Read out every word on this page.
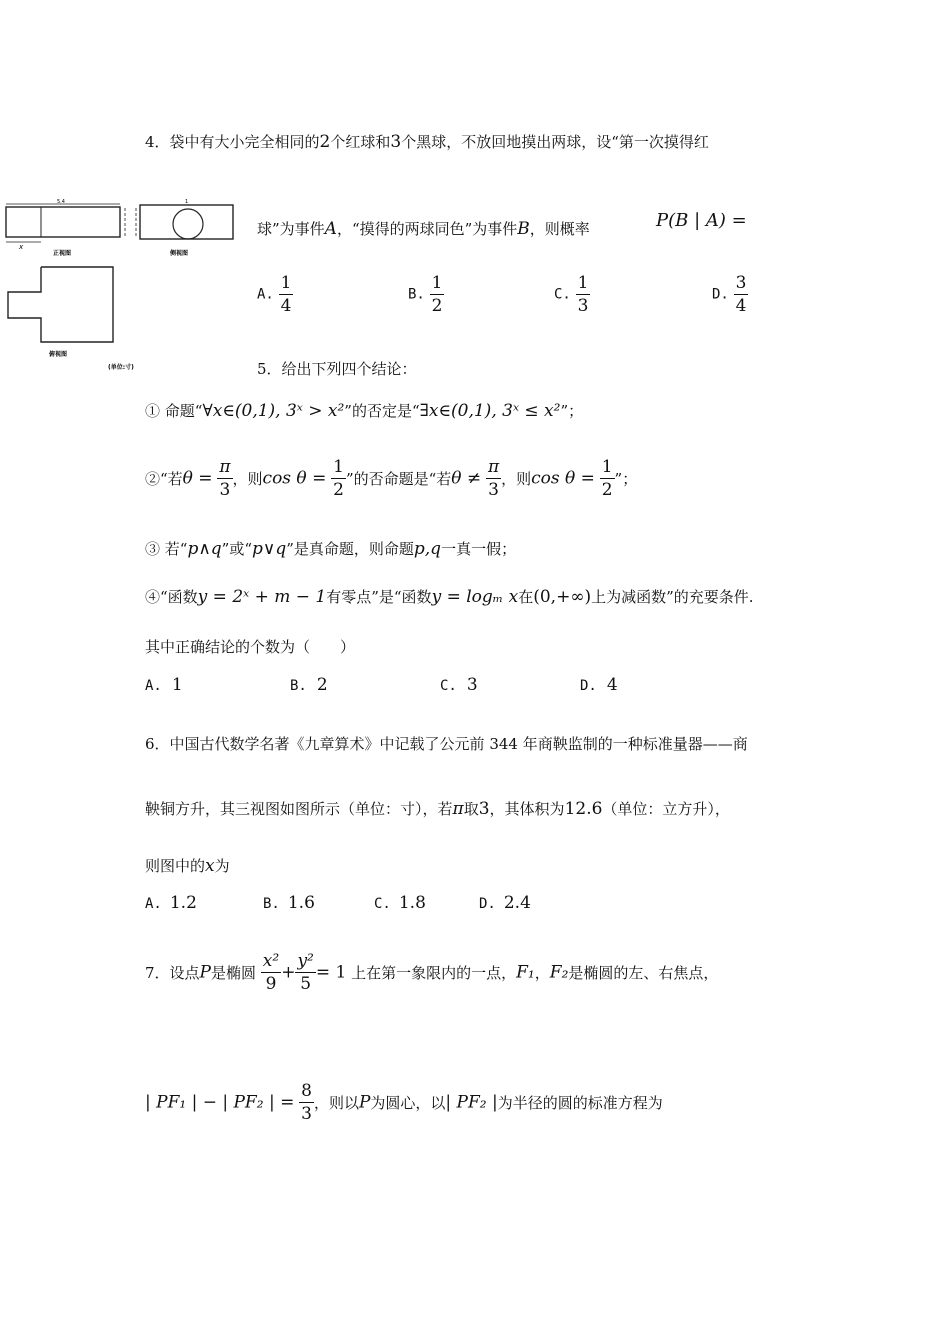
4．袋中有大小完全相同的2个红球和3个黑球，不放回地摸出两球，设“第一次摸得红
球”为事件A，“摸得的两球同色”为事件B，则概率	P(B | A) =
A. $\frac{1}{4}$	B. $\frac{1}{2}$	C. $\frac{1}{3}$	D. $\frac{3}{4}$
5.4
x
正视图
1
侧视图
俯视图
(单位:寸)	5．给出下列四个结论：
① 命题“∀x∈(0,1), 3ˣ > x²”的否定是“∃x∈(0,1), 3ˣ ≤ x²”；
②“若$\theta = \frac{\pi}{3}$ ，则$\cos \theta = \frac{1}{2}$ ”的否命题是“若$\theta \ne \frac{\pi}{3}$ ，则$\cos \theta = \frac{1}{2}$ ”；
③ 若“p∧q”或“p∨q”是真命题，则命题p,q一真一假；
④“函数y = 2ˣ + m − 1有零点”是“函数y = logₘ x在(0,+∞)上为减函数”的充要条件.
其中正确结论的个数为（　　）
A. 1	B. 2	C. 3	D. 4
6．中国古代数学名著《九章算术》中记载了公元前 344 年商鞅监制的一种标准量器——商
鞅铜方升，其三视图如图所示（单位：寸），若π取3，其体积为12.6（单位：立方升），
则图中的x为
A. 1.2	B. 1.6	C. 1.8	D. 2.4
7．设点P是椭圆 $\frac{\text{x²}}{9} + \frac{\text{y²}}{5} = 1$ 上在第一象限内的一点，F₁，F₂是椭圆的左、右焦点，
| PF₁ | − | PF₂ | = $\frac{8}{3}$ ，则以P为圆心，以| PF₂ |为半径的圆的标准方程为
